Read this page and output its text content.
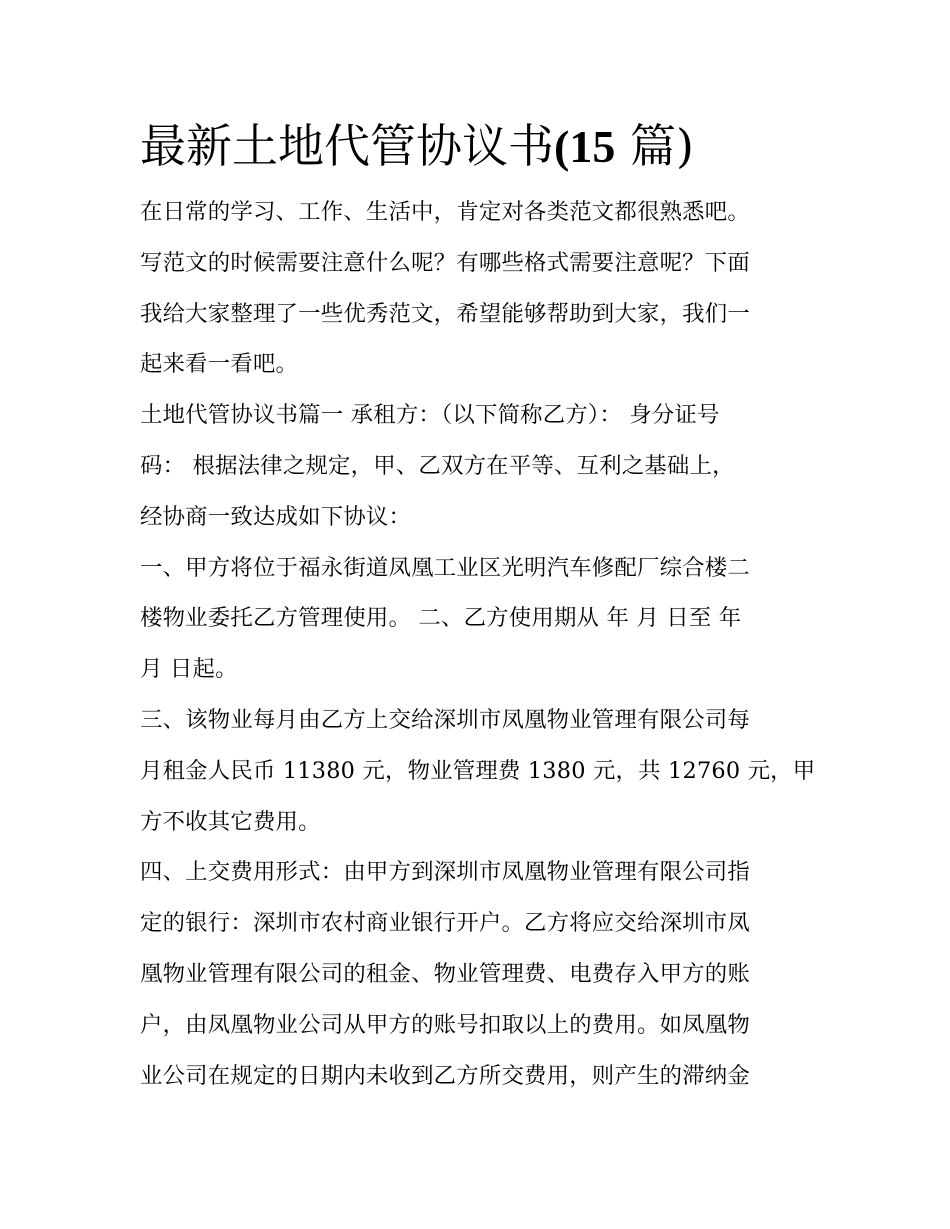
最新土地代管协议书(15 篇)

在日常的学习、工作、生活中，肯定对各类范文都很熟悉吧。
写范文的时候需要注意什么呢？有哪些格式需要注意呢？下面
我给大家整理了一些优秀范文，希望能够帮助到大家，我们一
起来看一看吧。

土地代管协议书篇一 承租方：（以下简称乙方）： 身分证号
码： 根据法律之规定，甲、乙双方在平等、互利之基础上，
经协商一致达成如下协议：

一、甲方将位于福永街道凤凰工业区光明汽车修配厂综合楼二
楼物业委托乙方管理使用。 二、乙方使用期从 年 月 日至 年
月 日起。

三、该物业每月由乙方上交给深圳市凤凰物业管理有限公司每
月租金人民币 11380 元，物业管理费 1380 元，共 12760 元，甲
方不收其它费用。

四、上交费用形式：由甲方到深圳市凤凰物业管理有限公司指
定的银行：深圳市农村商业银行开户。乙方将应交给深圳市凤
凰物业管理有限公司的租金、物业管理费、电费存入甲方的账
户，由凤凰物业公司从甲方的账号扣取以上的费用。如凤凰物
业公司在规定的日期内未收到乙方所交费用，则产生的滞纳金
